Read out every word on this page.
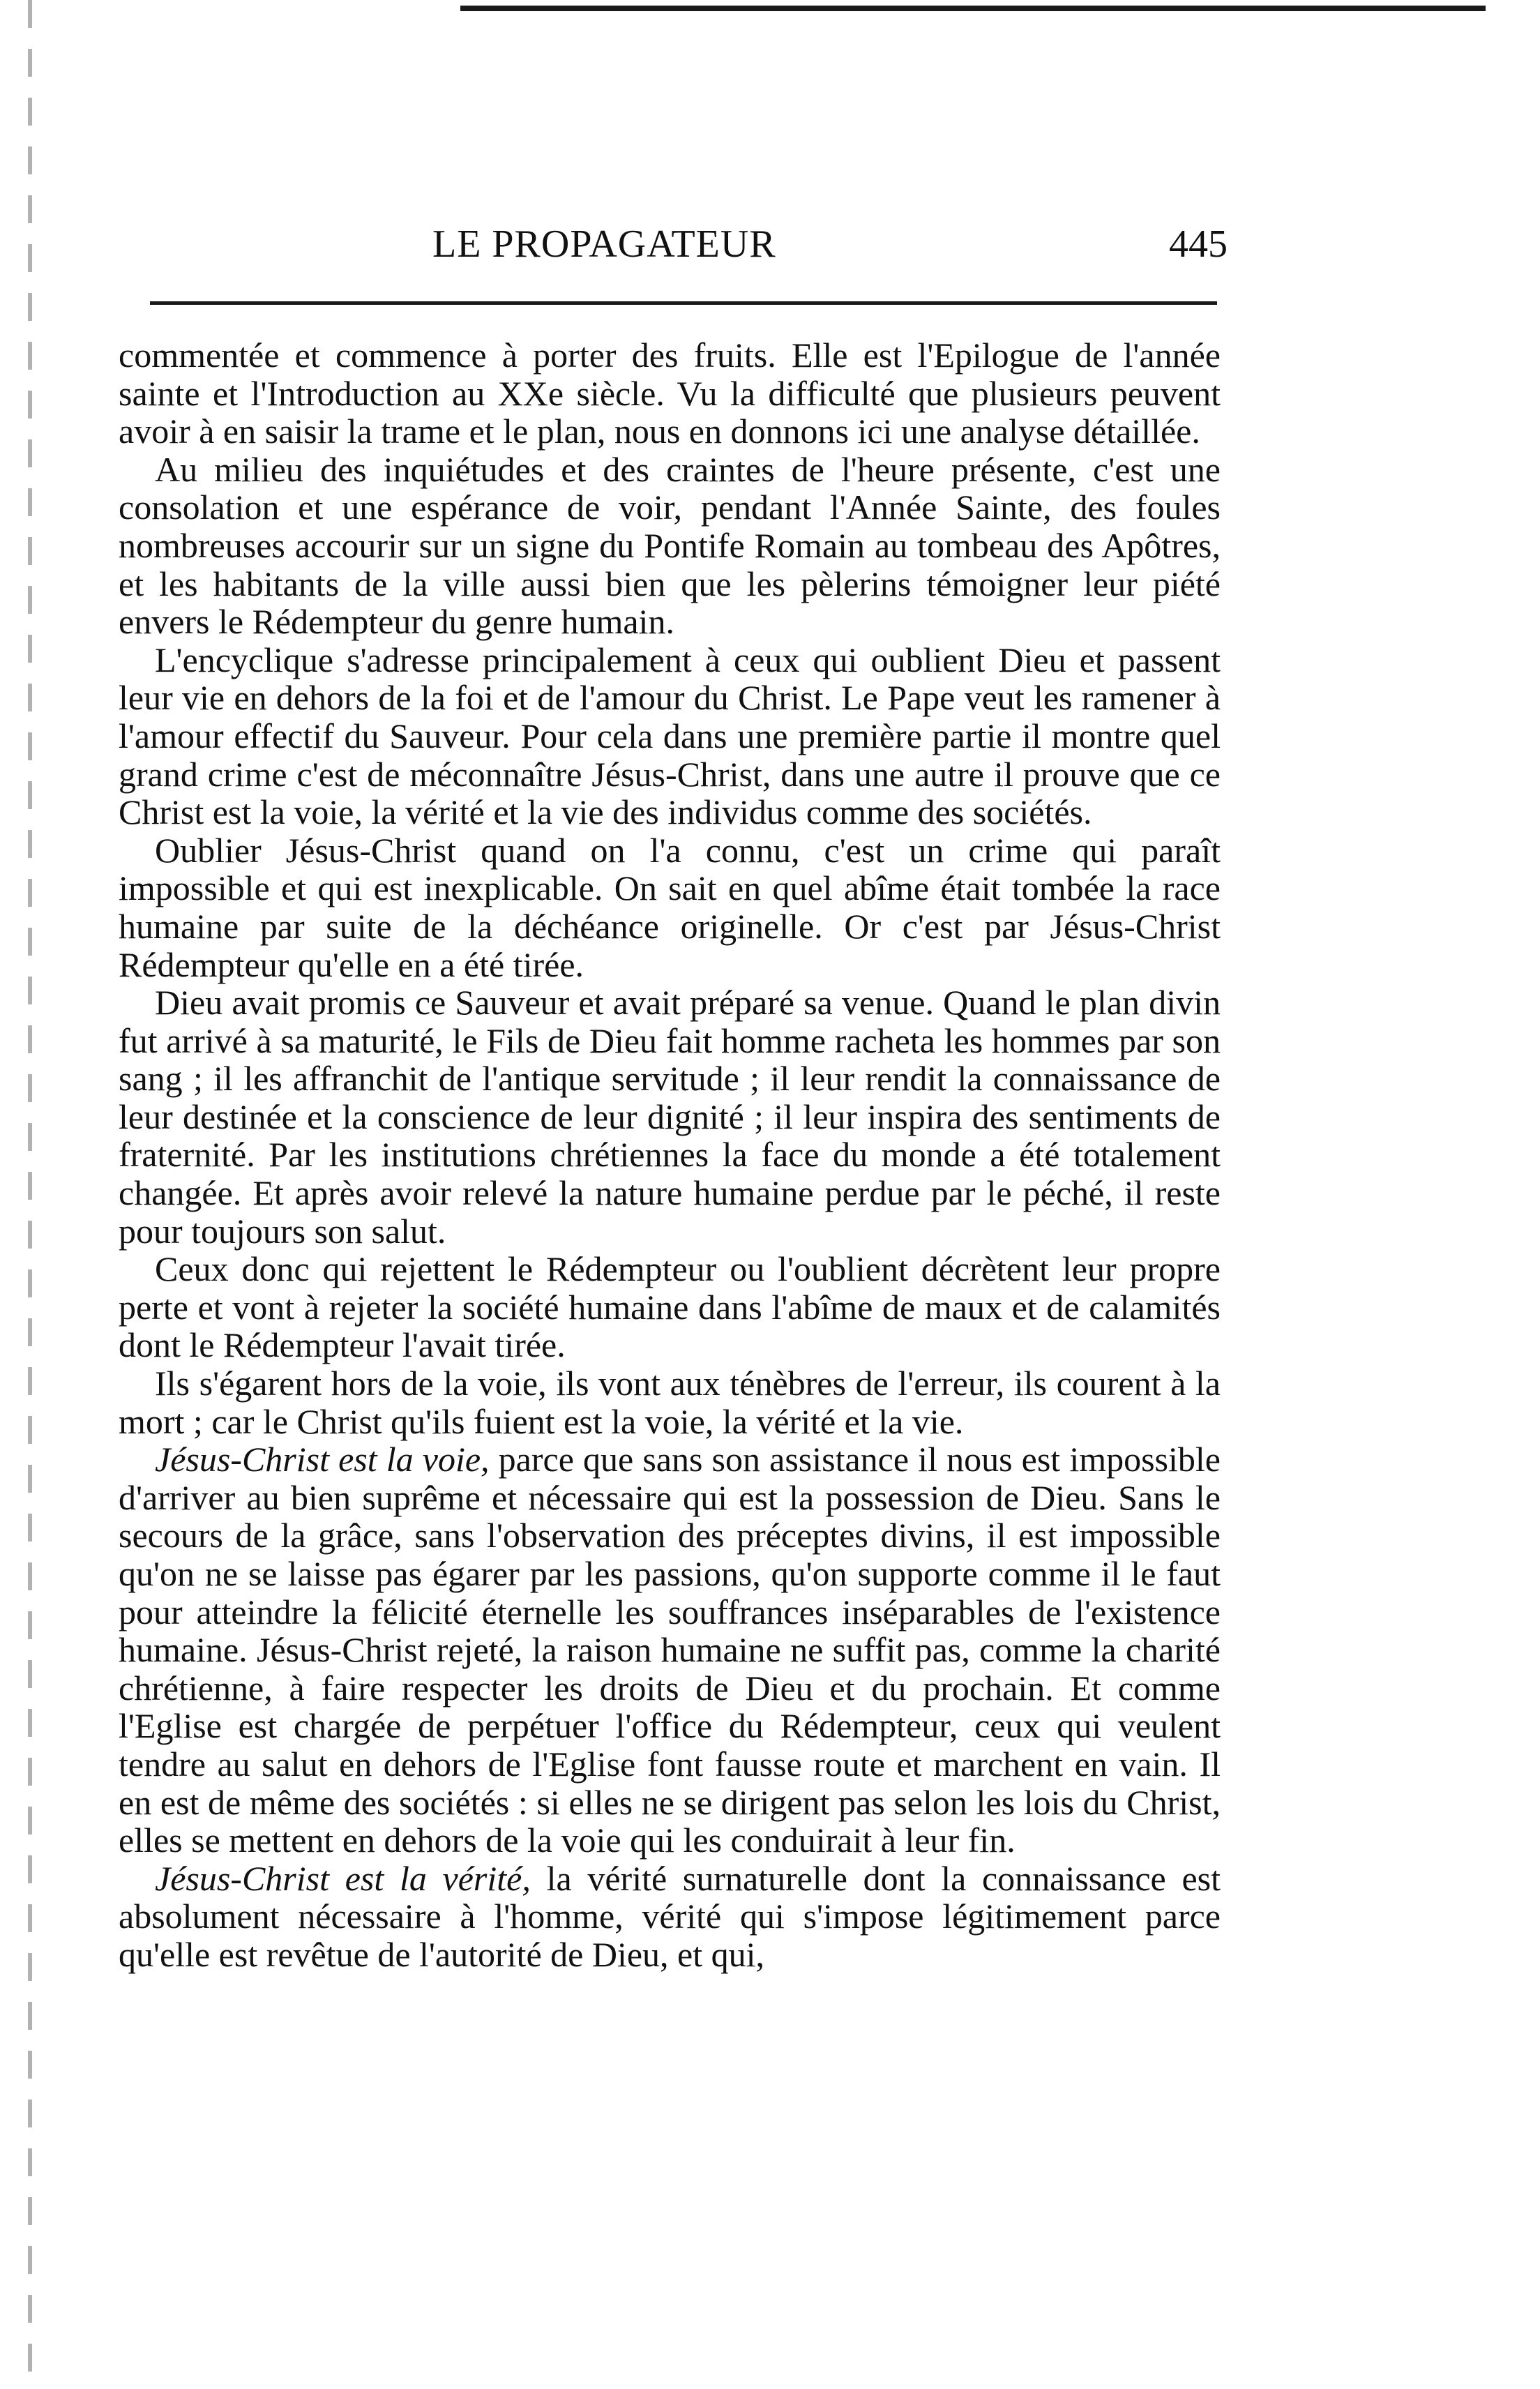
LE PROPAGATEUR	445

commentée et commence à porter des fruits. Elle est l'Epilogue de l'année sainte et l'Introduction au XXe siècle. Vu la difficulté que plusieurs peuvent avoir à en saisir la trame et le plan, nous en donnons ici une analyse détaillée.

Au milieu des inquiétudes et des craintes de l'heure présente, c'est une consolation et une espérance de voir, pendant l'Année Sainte, des foules nombreuses accourir sur un signe du Pontife Romain au tombeau des Apôtres, et les habitants de la ville aussi bien que les pèlerins témoigner leur piété envers le Rédempteur du genre humain.

L'encyclique s'adresse principalement à ceux qui oublient Dieu et passent leur vie en dehors de la foi et de l'amour du Christ. Le Pape veut les ramener à l'amour effectif du Sauveur. Pour cela dans une première partie il montre quel grand crime c'est de méconnaître Jésus-Christ, dans une autre il prouve que ce Christ est la voie, la vérité et la vie des individus comme des sociétés.

Oublier Jésus-Christ quand on l'a connu, c'est un crime qui paraît impossible et qui est inexplicable. On sait en quel abîme était tombée la race humaine par suite de la déchéance originelle. Or c'est par Jésus-Christ Rédempteur qu'elle en a été tirée.

Dieu avait promis ce Sauveur et avait préparé sa venue. Quand le plan divin fut arrivé à sa maturité, le Fils de Dieu fait homme racheta les hommes par son sang ; il les affranchit de l'antique servitude ; il leur rendit la connaissance de leur destinée et la conscience de leur dignité ; il leur inspira des sentiments de fraternité. Par les institutions chrétiennes la face du monde a été totalement changée. Et après avoir relevé la nature humaine perdue par le péché, il reste pour toujours son salut.

Ceux donc qui rejettent le Rédempteur ou l'oublient décrètent leur propre perte et vont à rejeter la société humaine dans l'abîme de maux et de calamités dont le Rédempteur l'avait tirée.

Ils s'égarent hors de la voie, ils vont aux ténèbres de l'erreur, ils courent à la mort ; car le Christ qu'ils fuient est la voie, la vérité et la vie.

Jésus-Christ est la voie, parce que sans son assistance il nous est impossible d'arriver au bien suprême et nécessaire qui est la possession de Dieu. Sans le secours de la grâce, sans l'observation des préceptes divins, il est impossible qu'on ne se laisse pas égarer par les passions, qu'on supporte comme il le faut pour atteindre la félicité éternelle les souffrances inséparables de l'existence humaine. Jésus-Christ rejeté, la raison humaine ne suffit pas, comme la charité chrétienne, à faire respecter les droits de Dieu et du prochain. Et comme l'Eglise est chargée de perpétuer l'office du Rédempteur, ceux qui veulent tendre au salut en dehors de l'Eglise font fausse route et marchent en vain. Il en est de même des sociétés : si elles ne se dirigent pas selon les lois du Christ, elles se mettent en dehors de la voie qui les conduirait à leur fin.

Jésus-Christ est la vérité, la vérité surnaturelle dont la connaissance est absolument nécessaire à l'homme, vérité qui s'impose légitimement parce qu'elle est revêtue de l'autorité de Dieu, et qui,
